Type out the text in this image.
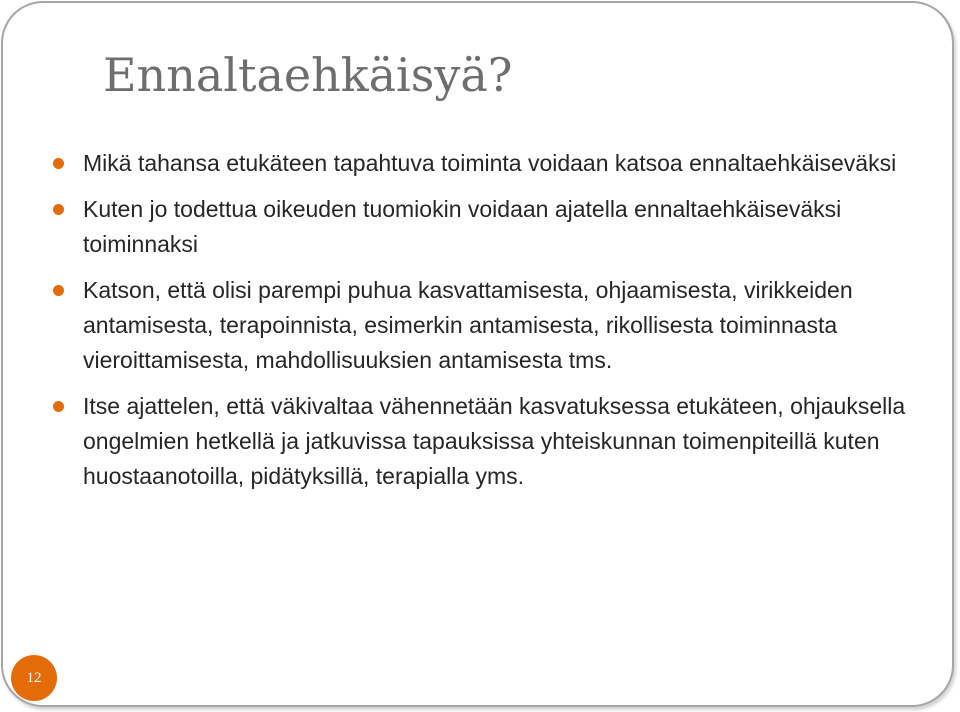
Ennaltaehkäisyä?
Mikä tahansa etukäteen tapahtuva toiminta voidaan katsoa ennaltaehkäiseväksi
Kuten jo todettua oikeuden tuomiokin voidaan ajatella ennaltaehkäiseväksi toiminnaksi
Katson, että olisi parempi puhua kasvattamisesta, ohjaamisesta, virikkeiden antamisesta, terapoinnista, esimerkin antamisesta, rikollisesta toiminnasta vieroittamisesta, mahdollisuuksien antamisesta tms.
Itse ajattelen, että väkivaltaa vähennetään kasvatuksessa etukäteen, ohjauksella ongelmien hetkellä ja jatkuvissa tapauksissa yhteiskunnan toimenpiteillä kuten huostaanotoilla, pidätyksillä, terapialla yms.
12
